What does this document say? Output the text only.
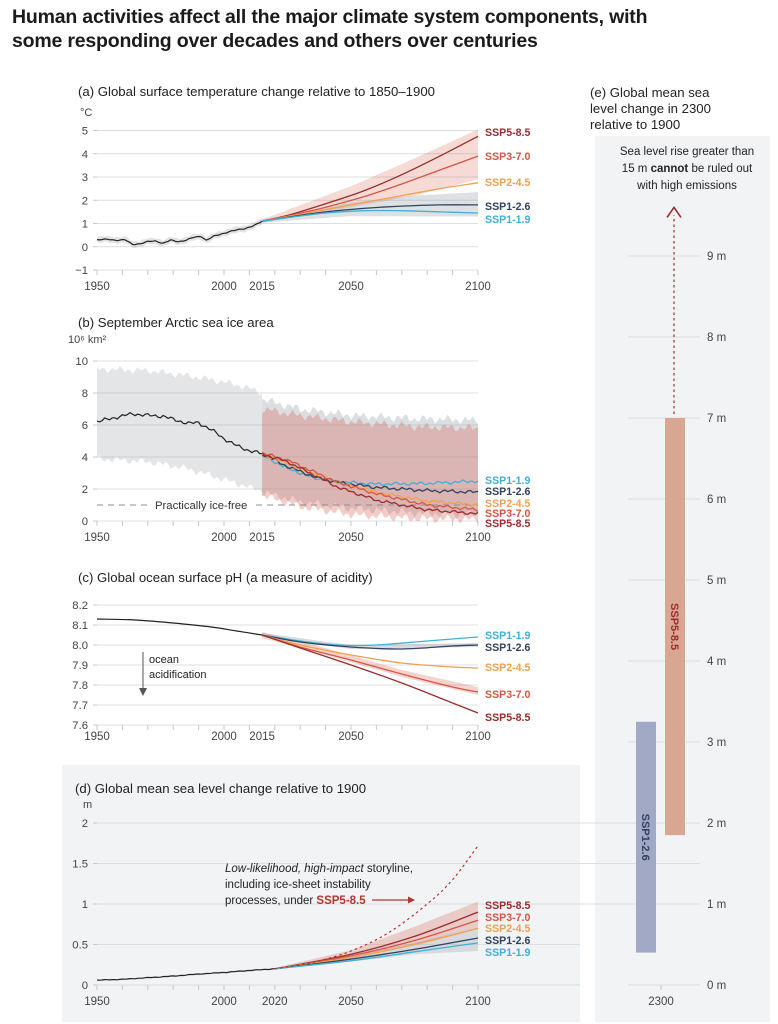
Human activities affect all the major climate system components, with
some responding over decades and others over centuries
(a) Global surface temperature change relative to 1850–1900
°C
5
4
3
2
1
0
−1
1950	2000 2015	2050	2100
SSP5-8.5
SSP3-7.0
SSP2-4.5
SSP1-2.6
SSP1-1.9
(b) September Arctic sea ice area
10⁶ km²
10
8
6
4
2
0
1950	2000 2015	2050	2100
Practically ice-free
SSP1-1.9
SSP1-2.6
SSP2-4.5
SSP3-7.0
SSP5-8.5
(c) Global ocean surface pH (a measure of acidity)
8.2
8.1
8.0
7.9
7.8
7.7
7.6
1950	2000 2015	2050	2100
SSP1-1.9
SSP1-2.6
SSP2-4.5
SSP3-7.0
SSP5-8.5
ocean
acidification
(d) Global mean sea level change relative to 1900
m
2
1.5
1
0.5
0
1950	2000 2020	2050	2100
SSP5-8.5
SSP3-7.0
SSP2-4.5
SSP1-2.6
SSP1-1.9
Low-likelihood, high-impact storyline,
including ice-sheet instability
processes, under SSP5-8.5
(e) Global mean sea
level change in 2300
relative to 1900
0 m
1 m
2 m
3 m
4 m
5 m
6 m
7 m
8 m
9 m
Sea level rise greater than
15 m cannot be ruled out
with high emissions
SSP1-2.6
SSP5-8.5
2300
